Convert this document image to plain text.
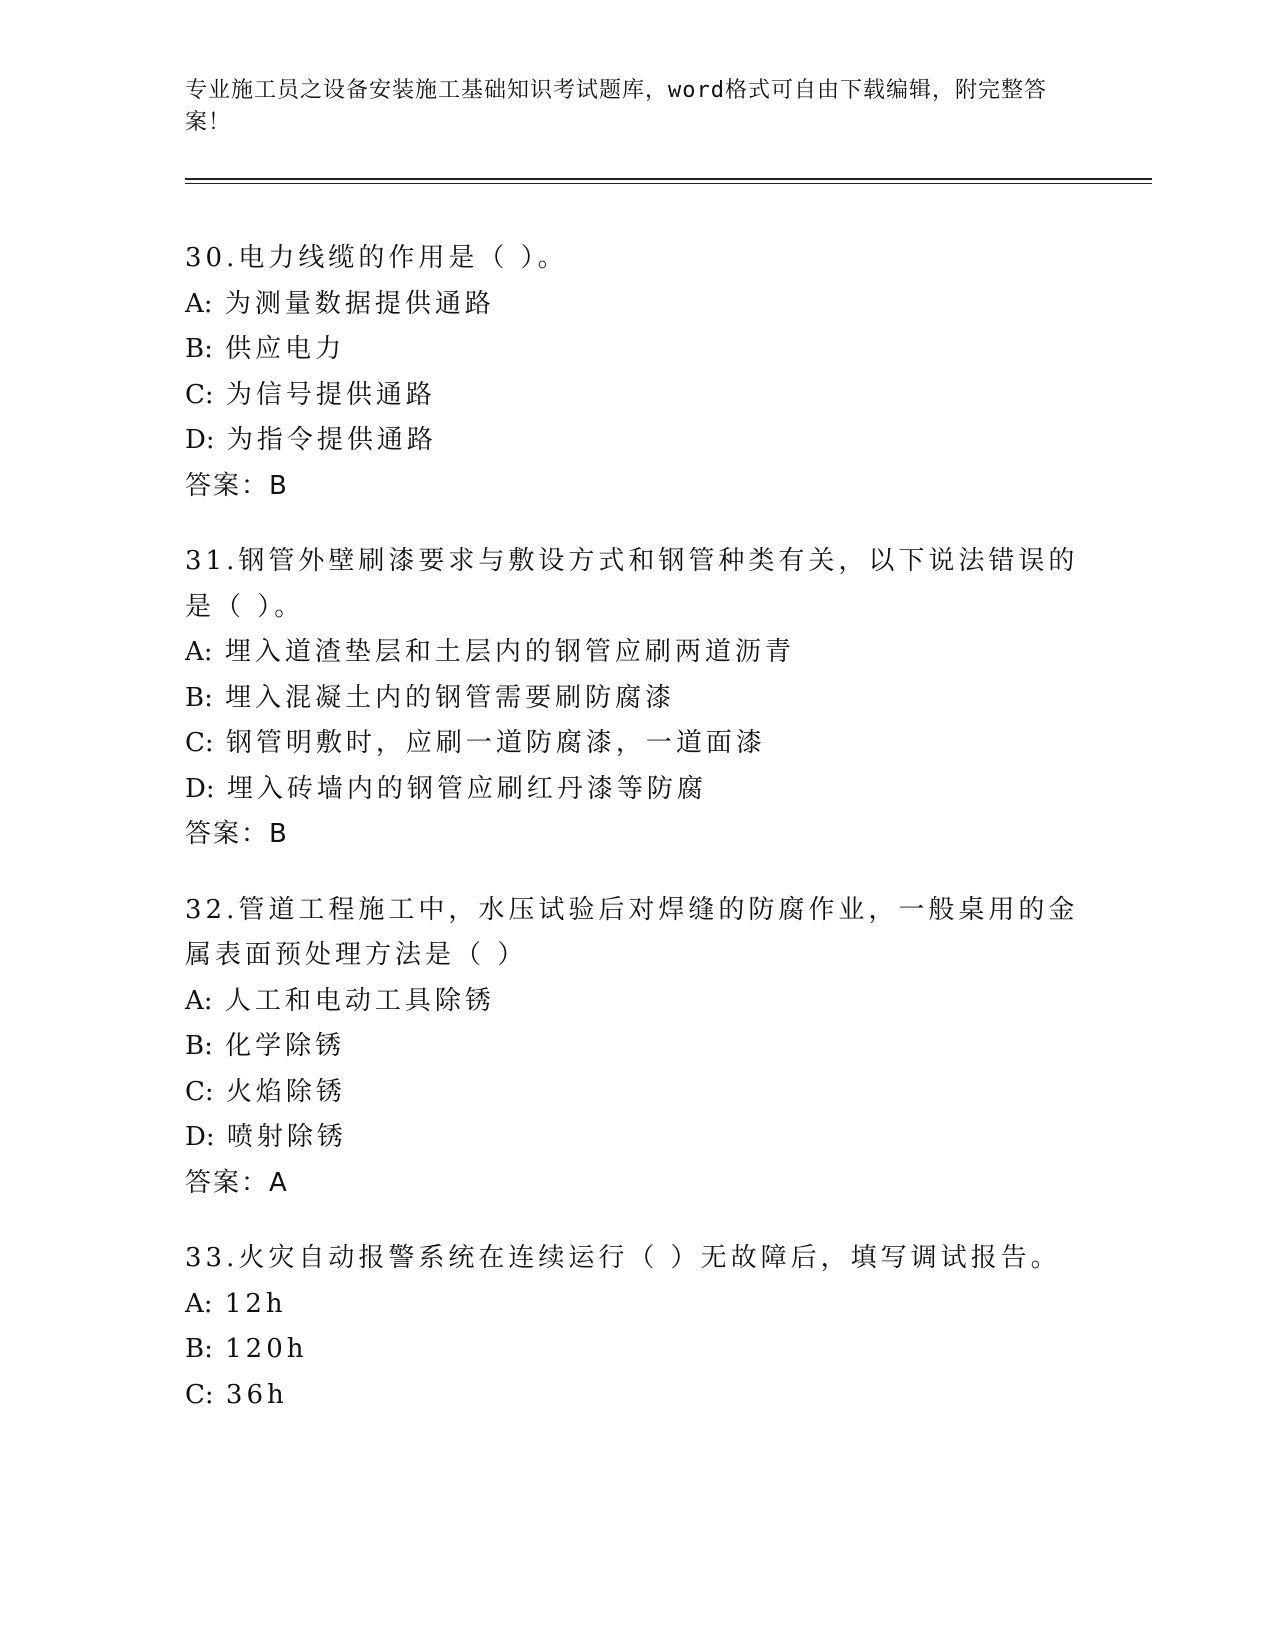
专业施工员之设备安装施工基础知识考试题库，word格式可自由下载编辑，附完整答案！
30.电力线缆的作用是（ ）。
A: 为测量数据提供通路
B: 供应电力
C: 为信号提供通路
D: 为指令提供通路
答案：B
31.钢管外壁刷漆要求与敷设方式和钢管种类有关，以下说法错误的是（ ）。
A: 埋入道渣垫层和土层内的钢管应刷两道沥青
B: 埋入混凝土内的钢管需要刷防腐漆
C: 钢管明敷时，应刷一道防腐漆，一道面漆
D: 埋入砖墙内的钢管应刷红丹漆等防腐
答案：B
32.管道工程施工中，水压试验后对焊缝的防腐作业，一般桌用的金属表面预处理方法是（ ）
A: 人工和电动工具除锈
B: 化学除锈
C: 火焰除锈
D: 喷射除锈
答案：A
33.火灾自动报警系统在连续运行（ ）无故障后，填写调试报告。
A: 12h
B: 120h
C: 36h
